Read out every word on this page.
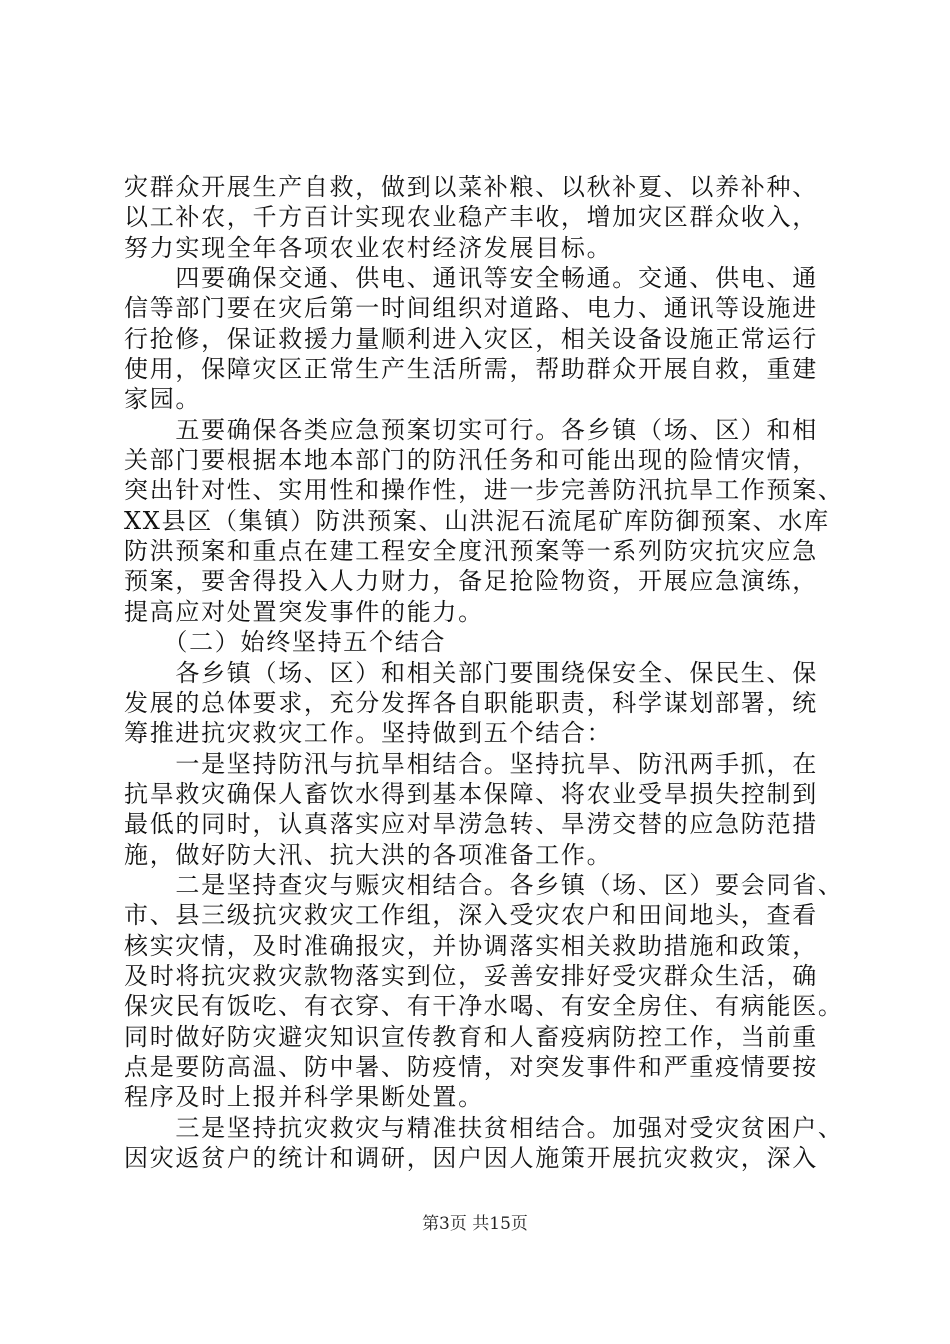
灾群众开展生产自救，做到以菜补粮、以秋补夏、以养补种、
以工补农，千方百计实现农业稳产丰收，增加灾区群众收入，
努力实现全年各项农业农村经济发展目标。
　　四要确保交通、供电、通讯等安全畅通。交通、供电、通
信等部门要在灾后第一时间组织对道路、电力、通讯等设施进
行抢修，保证救援力量顺利进入灾区，相关设备设施正常运行
使用，保障灾区正常生产生活所需，帮助群众开展自救，重建
家园。
　　五要确保各类应急预案切实可行。各乡镇（场、区）和相
关部门要根据本地本部门的防汛任务和可能出现的险情灾情，
突出针对性、实用性和操作性，进一步完善防汛抗旱工作预案、
XX县区（集镇）防洪预案、山洪泥石流尾矿库防御预案、水库
防洪预案和重点在建工程安全度汛预案等一系列防灾抗灾应急
预案，要舍得投入人力财力，备足抢险物资，开展应急演练，
提高应对处置突发事件的能力。
　　（二）始终坚持五个结合
　　各乡镇（场、区）和相关部门要围绕保安全、保民生、保
发展的总体要求，充分发挥各自职能职责，科学谋划部署，统
筹推进抗灾救灾工作。坚持做到五个结合：
　　一是坚持防汛与抗旱相结合。坚持抗旱、防汛两手抓，在
抗旱救灾确保人畜饮水得到基本保障、将农业受旱损失控制到
最低的同时，认真落实应对旱涝急转、旱涝交替的应急防范措
施，做好防大汛、抗大洪的各项准备工作。
　　二是坚持查灾与赈灾相结合。各乡镇（场、区）要会同省、
市、县三级抗灾救灾工作组，深入受灾农户和田间地头，查看
核实灾情，及时准确报灾，并协调落实相关救助措施和政策，
及时将抗灾救灾款物落实到位，妥善安排好受灾群众生活，确
保灾民有饭吃、有衣穿、有干净水喝、有安全房住、有病能医。
同时做好防灾避灾知识宣传教育和人畜疫病防控工作，当前重
点是要防高温、防中暑、防疫情，对突发事件和严重疫情要按
程序及时上报并科学果断处置。
　　三是坚持抗灾救灾与精准扶贫相结合。加强对受灾贫困户、
因灾返贫户的统计和调研，因户因人施策开展抗灾救灾，深入
第3页 共15页
